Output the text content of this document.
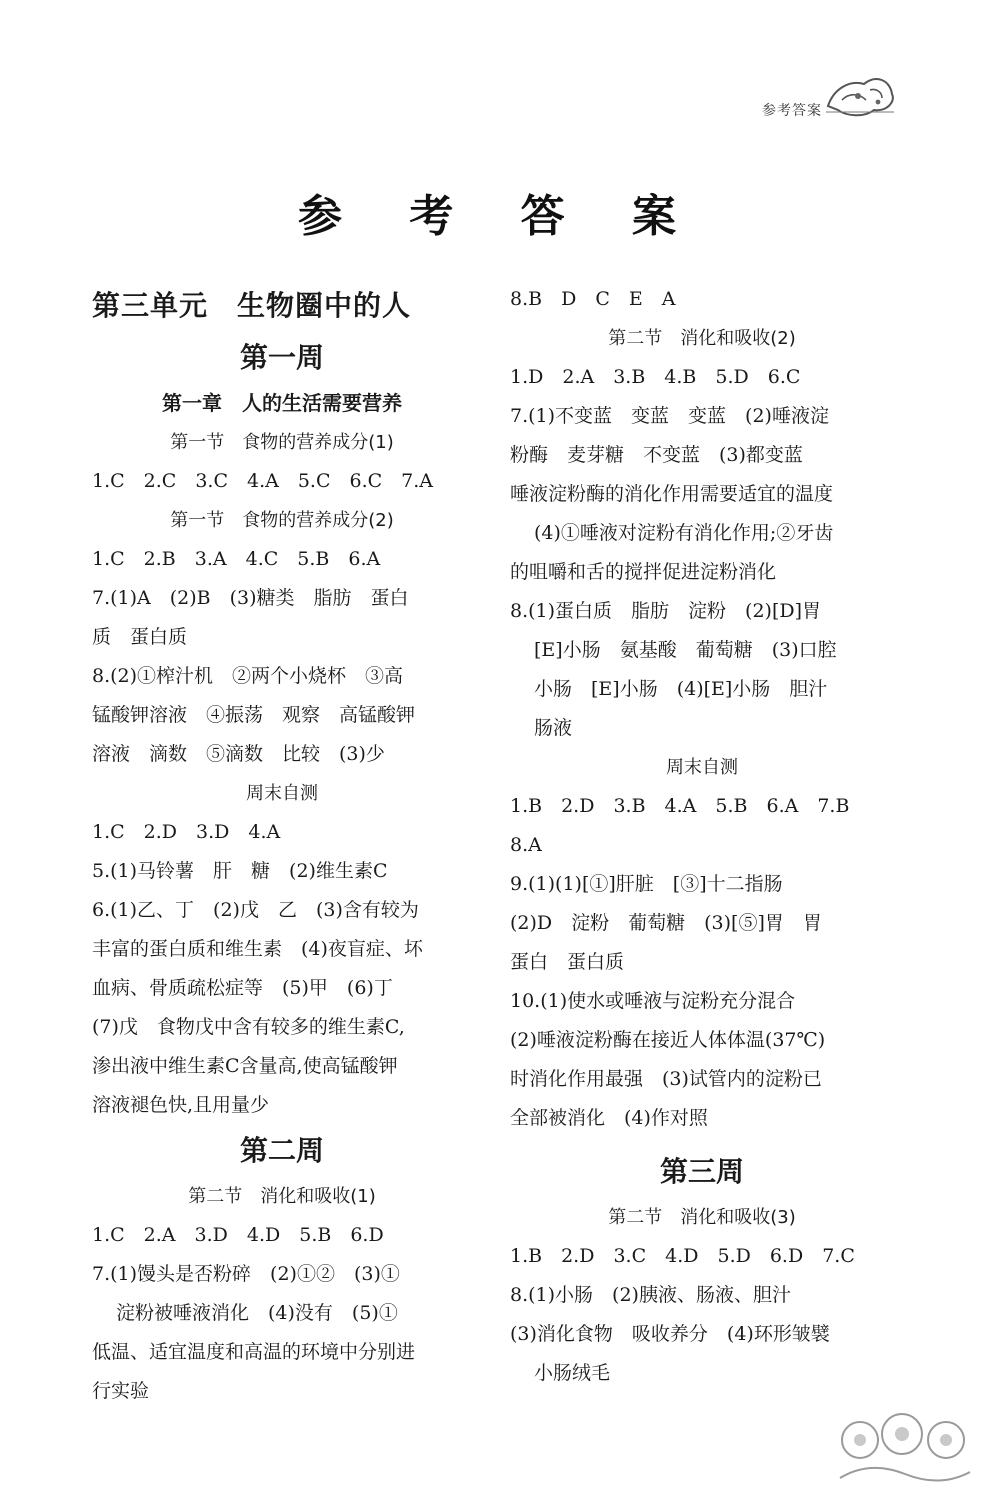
参考答案
参 考 答 案
第三单元　生物圈中的人
第一周
第一章　人的生活需要营养
第一节　食物的营养成分(1)
1.C　2.C　3.C　4.A　5.C　6.C　7.A
第一节　食物的营养成分(2)
1.C　2.B　3.A　4.C　5.B　6.A
7.(1)A　(2)B　(3)糖类　脂肪　蛋白
质　蛋白质
8.(2)①榨汁机　②两个小烧杯　③高
锰酸钾溶液　④振荡　观察　高锰酸钾
溶液　滴数　⑤滴数　比较　(3)少
周末自测
1.C　2.D　3.D　4.A
5.(1)马铃薯　肝　糖　(2)维生素C
6.(1)乙、丁　(2)戊　乙　(3)含有较为
丰富的蛋白质和维生素　(4)夜盲症、坏
血病、骨质疏松症等　(5)甲　(6)丁
(7)戊　食物戊中含有较多的维生素C,
渗出液中维生素C含量高,使高锰酸钾
溶液褪色快,且用量少
第二周
第二节　消化和吸收(1)
1.C　2.A　3.D　4.D　5.B　6.D
7.(1)馒头是否粉碎　(2)①②　(3)①
淀粉被唾液消化　(4)没有　(5)①
低温、适宜温度和高温的环境中分别进
行实验
8.B　D　C　E　A
第二节　消化和吸收(2)
1.D　2.A　3.B　4.B　5.D　6.C
7.(1)不变蓝　变蓝　变蓝　(2)唾液淀
粉酶　麦芽糖　不变蓝　(3)都变蓝
唾液淀粉酶的消化作用需要适宜的温度
(4)①唾液对淀粉有消化作用;②牙齿
的咀嚼和舌的搅拌促进淀粉消化
8.(1)蛋白质　脂肪　淀粉　(2)[D]胃
[E]小肠　氨基酸　葡萄糖　(3)口腔
小肠　[E]小肠　(4)[E]小肠　胆汁
肠液
周末自测
1.B　2.D　3.B　4.A　5.B　6.A　7.B
8.A
9.(1)(1)[①]肝脏　[③]十二指肠
(2)D　淀粉　葡萄糖　(3)[⑤]胃　胃
蛋白　蛋白质
10.(1)使水或唾液与淀粉充分混合
(2)唾液淀粉酶在接近人体体温(37℃)
时消化作用最强　(3)试管内的淀粉已
全部被消化　(4)作对照
第三周
第二节　消化和吸收(3)
1.B　2.D　3.C　4.D　5.D　6.D　7.C
8.(1)小肠　(2)胰液、肠液、胆汁
(3)消化食物　吸收养分　(4)环形皱襞
小肠绒毛
